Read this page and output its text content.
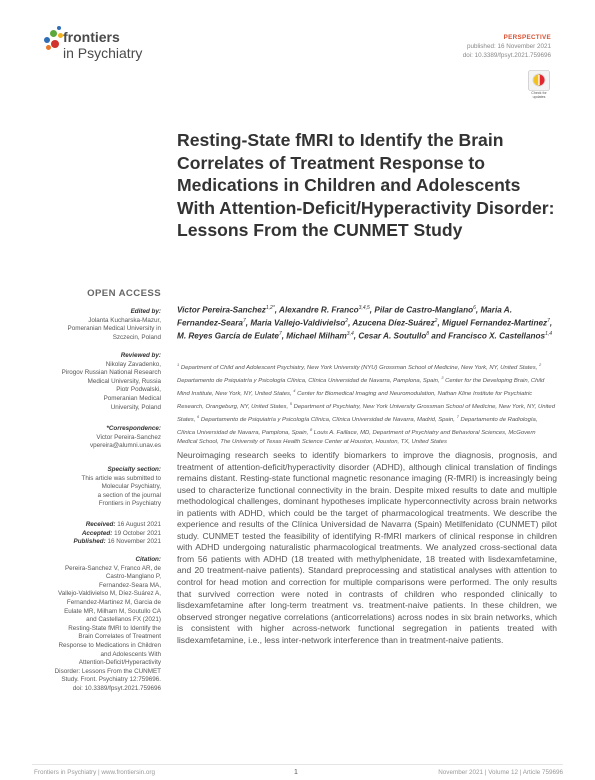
frontiers
in Psychiatry
PERSPECTIVE
published: 16 November 2021
doi: 10.3389/fpsyt.2021.759696
Check for
updates
Resting-State fMRI to Identify the Brain Correlates of Treatment Response to Medications in Children and Adolescents With Attention-Deficit/Hyperactivity Disorder: Lessons From the CUNMET Study
OPEN ACCESS
Edited by:
Jolanta Kucharska-Mazur,
Pomeranian Medical University in
Szczecin, Poland
Reviewed by:
Nikolay Zavadenko,
Pirogov Russian National Research
Medical University, Russia
Piotr Podwalski,
Pomeranian Medical
University, Poland
*Correspondence:
Victor Pereira-Sanchez
vpereira@alumni.unav.es
Specialty section:
This article was submitted to
Molecular Psychiatry,
a section of the journal
Frontiers in Psychiatry
Received: 16 August 2021
Accepted: 19 October 2021
Published: 16 November 2021
Citation:
Pereira-Sanchez V, Franco AR, de
Castro-Manglano P,
Fernandez-Seara MA,
Vallejo-Valdivielso M, Díez-Suárez A,
Fernandez-Martinez M, Garcia de
Eulate MR, Milham M, Soutullo CA
and Castellanos FX (2021)
Resting-State fMRI to Identify the
Brain Correlates of Treatment
Response to Medications in Children
and Adolescents With
Attention-Deficit/Hyperactivity
Disorder: Lessons From the CUNMET
Study. Front. Psychiatry 12:759696.
doi: 10.3389/fpsyt.2021.759696
Victor Pereira-Sanchez$^{1,2*}$, Alexandre R. Franco$^{3,4,5}$, Pilar de Castro-Manglano$^6$, Maria A. Fernandez-Seara$^7$, Maria Vallejo-Valdivielso$^2$, Azucena Díez-Suárez$^2$, Miguel Fernandez-Martinez$^7$, M. Reyes García de Eulate$^7$, Michael Milham$^{3,4}$, Cesar A. Soutullo$^8$ and Francisco X. Castellanos$^{1,4}$
$^1$ Department of Child and Adolescent Psychiatry, New York University (NYU) Grossman School of Medicine, New York, NY, United States, $^2$ Departamento de Psiquiatría y Psicología Clínica, Clínica Universidad de Navarra, Pamplona, Spain, $^3$ Center for the Developing Brain, Child Mind Institute, New York, NY, United States, $^4$ Center for Biomedical Imaging and Neuromodulation, Nathan Kline Institute for Psychiatric Research, Orangeburg, NY, United States, $^5$ Department of Psychiatry, New York University Grossman School of Medicine, New York, NY, United States, $^6$ Departamento de Psiquiatría y Psicología Clínica, Clínica Universidad de Navarra, Madrid, Spain, $^7$ Departamento de Radiología, Clínica Universidad de Navarra, Pamplona, Spain, $^8$ Louis A. Faillace, MD, Department of Psychiatry and Behavioral Sciences, McGovern Medical School, The University of Texas Health Science Center at Houston, Houston, TX, United States
Neuroimaging research seeks to identify biomarkers to improve the diagnosis, prognosis, and treatment of attention-deficit/hyperactivity disorder (ADHD), although clinical translation of findings remains distant. Resting-state functional magnetic resonance imaging (R-fMRI) is increasingly being used to characterize functional connectivity in the brain. Despite mixed results to date and multiple methodological challenges, dominant hypotheses implicate hyperconnectivity across brain networks in patients with ADHD, which could be the target of pharmacological treatments. We describe the experience and results of the Clínica Universidad de Navarra (Spain) Metilfenidato (CUNMET) pilot study. CUNMET tested the feasibility of identifying R-fMRI markers of clinical response in children with ADHD undergoing naturalistic pharmacological treatments. We analyzed cross-sectional data from 56 patients with ADHD (18 treated with methylphenidate, 18 treated with lisdexamfetamine, and 20 treatment-naive patients). Standard preprocessing and statistical analyses with attention to control for head motion and correction for multiple comparisons were performed. The only results that survived correction were noted in contrasts of children who responded clinically to lisdexamfetamine after long-term treatment vs. treatment-naive patients. In these children, we observed stronger negative correlations (anticorrelations) across nodes in six brain networks, which is consistent with higher across-network functional segregation in patients treated with lisdexamfetamine, i.e., less inter-network interference than in treatment-naive patients.
Frontiers in Psychiatry | www.frontiersin.org	1	November 2021 | Volume 12 | Article 759696
